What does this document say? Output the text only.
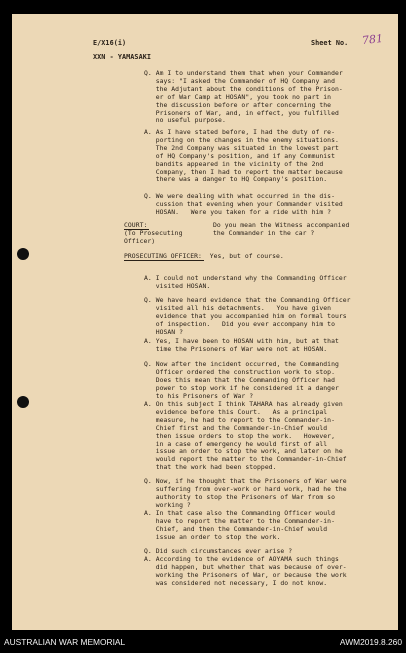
E/X16(i)	Sheet No. 781
XXN - YAMASAKI
Q. Am I to understand them that when your Commander
says: "I asked the Commander of HQ Company and
the Adjutant about the conditions of the Prison-
er of War Camp at HOSAN", you took no part in
the discussion before or after concerning the
Prisoners of War, and, in effect, you fulfilled
no useful purpose.
A. As I have stated before, I had the duty of re-
porting on the changes in the enemy situations.
The 2nd Company was situated in the lowest part
of HQ Company's position, and if any Communist
bandits appeared in the vicinity of the 2nd
Company, then I had to report the matter because
there was a danger to HQ Company's position.
Q. We were dealing with what occurred in the dis-
cussion that evening when your Commander visited
HOSAN.   Were you taken for a ride with him ?
COURT:
(To Prosecuting
Officer)
Do you mean the Witness accompanied
the Commander in the car ?
PROSECUTING OFFICER:  Yes, but of course.
A. I could not understand why the Commanding Officer
visited HOSAN.
Q. We have heard evidence that the Commanding Officer
visited all his detachments.   You have given
evidence that you accompanied him on formal tours
of inspection.   Did you ever accompany him to
HOSAN ?
A. Yes, I have been to HOSAN with him, but at that
time the Prisoners of War were not at HOSAN.
Q. Now after the incident occurred, the Commanding
Officer ordered the construction work to stop.
Does this mean that the Commanding Officer had
power to stop work if he considered it a danger
to his Prisoners of War ?
A. On this subject I think TAHARA has already given
evidence before this Court.   As a principal
measure, he had to report to the Commander-in-
Chief first and the Commander-in-Chief would
then issue orders to stop the work.   However,
in a case of emergency he would first of all
issue an order to stop the work, and later on he
would report the matter to the Commander-in-Chief
that the work had been stopped.
Q. Now, if he thought that the Prisoners of War were
suffering from over-work or hard work, had he the
authority to stop the Prisoners of War from so
working ?
A. In that case also the Commanding Officer would
have to report the matter to the Commander-in-
Chief, and then the Commander-in-Chief would
issue an order to stop the work.
Q. Did such circumstances ever arise ?
A. According to the evidence of AOYAMA such things
did happen, but whether that was because of over-
working the Prisoners of War, or because the work
was considered not necessary, I do not know.
AUSTRALIAN WAR MEMORIAL	AWM2019.8.260
